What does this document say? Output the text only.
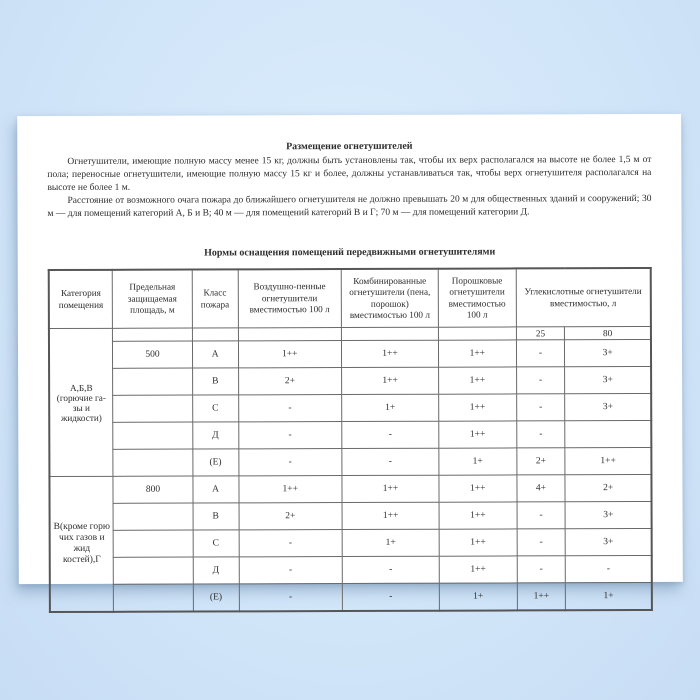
Размещение огнетушителей

Огнетушители, имеющие полную массу менее 15 кг, должны быть установлены так, чтобы их верх располагался на высоте не более 1,5 м от пола; переносные огнетушители, имеющие полную массу 15 кг и более, должны устанавливаться так, чтобы верх огнетушителя располагался на высоте не более 1 м.

Расстояние от возможного очага пожара до ближайшего огнетушителя не должно превышать 20 м для общественных зданий и сооружений; 30 м — для помещений категорий А, Б и В; 40 м — для помещений категорий В и Г; 70 м — для помещений категории Д.

Нормы оснащения помещений передвижными огнетушителями
Категория помещения	Предельная защищаемая площадь, м	Класс пожара	Воздушно-пенные огнетушители вместимостью 100 л	Комбинированные огнетушители (пена, порошок) вместимостью 100 л	Порошковые огнетушители вместимостью 100 л	Углекислотные огнетушители вместимостью, л	
А,Б,В
(горючие га-
зы и жидкости)						25	80
	500	А	1++	1++	1++	-	3+
		В	2+	1++	1++	-	3+
		С	-	1+	1++	-	3+
		Д	-	-	1++	-	
		(Е)	-	-	1+	2+	1++
В(кроме горю
чих газов и жид
костей),Г	800	А	1++	1++	1++	4+	2+
		В	2+	1++	1++	-	3+
		С	-	1+	1++	-	3+
		Д	-	-	1++	-	-
		(Е)	-	-	1+	1++	1+
